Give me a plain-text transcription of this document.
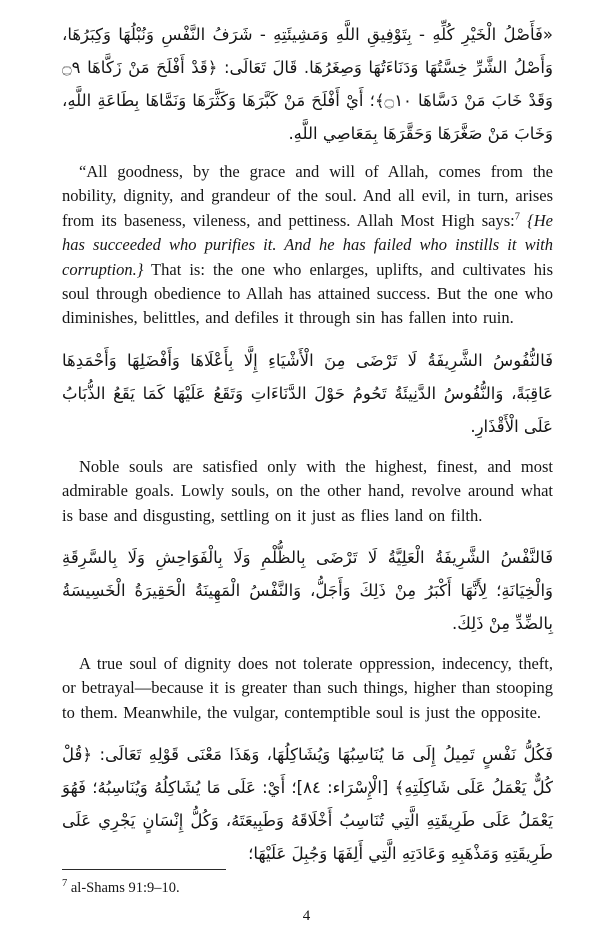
«فَأَصْلُ الْخَيْرِ كُلِّهِ - بِتَوْفِيقِ اللَّهِ وَمَشِيئَتِهِ - شَرَفُ النَّفْسِ وَنُبْلُهَا وَكِبَرُهَا، وَأَصْلُ الشَّرِّ خِسَّتُهَا وَدَنَاءَتُهَا وَصِغَرُهَا. قَالَ تَعَالَى: ﴿قَدْ أَفْلَحَ مَنْ زَكَّاهَا ۝٩ وَقَدْ خَابَ مَنْ دَسَّاهَا ۝١٠﴾؛ أَيْ أَفْلَحَ مَنْ كَبَّرَهَا وَكَثَّرَهَا وَنَمَّاهَا بِطَاعَةِ اللَّهِ، وَخَابَ مَنْ صَغَّرَهَا وَحَقَّرَهَا بِمَعَاصِي اللَّهِ.

“All goodness, by the grace and will of Allah, comes from the nobility, dignity, and grandeur of the soul. And all evil, in turn, arises from its baseness, vileness, and pettiness. Allah Most High says:$^7$ {He has succeeded who purifies it. And he has failed who instills it with corruption.} That is: the one who enlarges, uplifts, and cultivates his soul through obedience to Allah has attained success. But the one who diminishes, belittles, and defiles it through sin has fallen into ruin.

فَالنُّفُوسُ الشَّرِيفَةُ لَا تَرْضَى مِنَ الْأَشْيَاءِ إِلَّا بِأَعْلَاهَا وَأَفْضَلِهَا وَأَحْمَدِهَا عَاقِبَةً، وَالنُّفُوسُ الدَّنِيئَةُ تَحُومُ حَوْلَ الدَّنَاءَاتِ وَتَقَعُ عَلَيْهَا كَمَا يَقَعُ الذُّبَابُ عَلَى الْأَقْذَارِ.

Noble souls are satisfied only with the highest, finest, and most admirable goals. Lowly souls, on the other hand, revolve around what is base and disgusting, settling on it just as flies land on filth.

فَالنَّفْسُ الشَّرِيفَةُ الْعَلِيَّةُ لَا تَرْضَى بِالظُّلْمِ وَلَا بِالْفَوَاحِشِ وَلَا بِالسَّرِقَةِ وَالْخِيَانَةِ؛ لِأَنَّهَا أَكْبَرُ مِنْ ذَلِكَ وَأَجَلُّ، وَالنَّفْسُ الْمَهِينَةُ الْحَقِيرَةُ الْخَسِيسَةُ بِالضِّدِّ مِنْ ذَلِكَ.

A true soul of dignity does not tolerate oppression, indecency, theft, or betrayal—because it is greater than such things, higher than stooping to them. Meanwhile, the vulgar, contemptible soul is just the opposite.

فَكُلُّ نَفْسٍ تَمِيلُ إِلَى مَا يُنَاسِبُهَا وَيُشَاكِلُهَا، وَهَذَا مَعْنَى قَوْلِهِ تَعَالَى: ﴿قُلْ كُلٌّ يَعْمَلُ عَلَى شَاكِلَتِهِ﴾ [الْإِسْرَاء: ٨٤]؛ أَيْ: عَلَى مَا يُشَاكِلُهُ وَيُنَاسِبُهُ؛ فَهُوَ يَعْمَلُ عَلَى طَرِيقَتِهِ الَّتِي تُنَاسِبُ أَخْلَاقَهُ وَطَبِيعَتَهُ، وَكُلُّ إِنْسَانٍ يَجْرِي عَلَى طَرِيقَتِهِ وَمَذْهَبِهِ وَعَادَتِهِ الَّتِي أَلِفَهَا وَجُبِلَ عَلَيْهَا؛

$^7$ al-Shams 91:9–10.

4
